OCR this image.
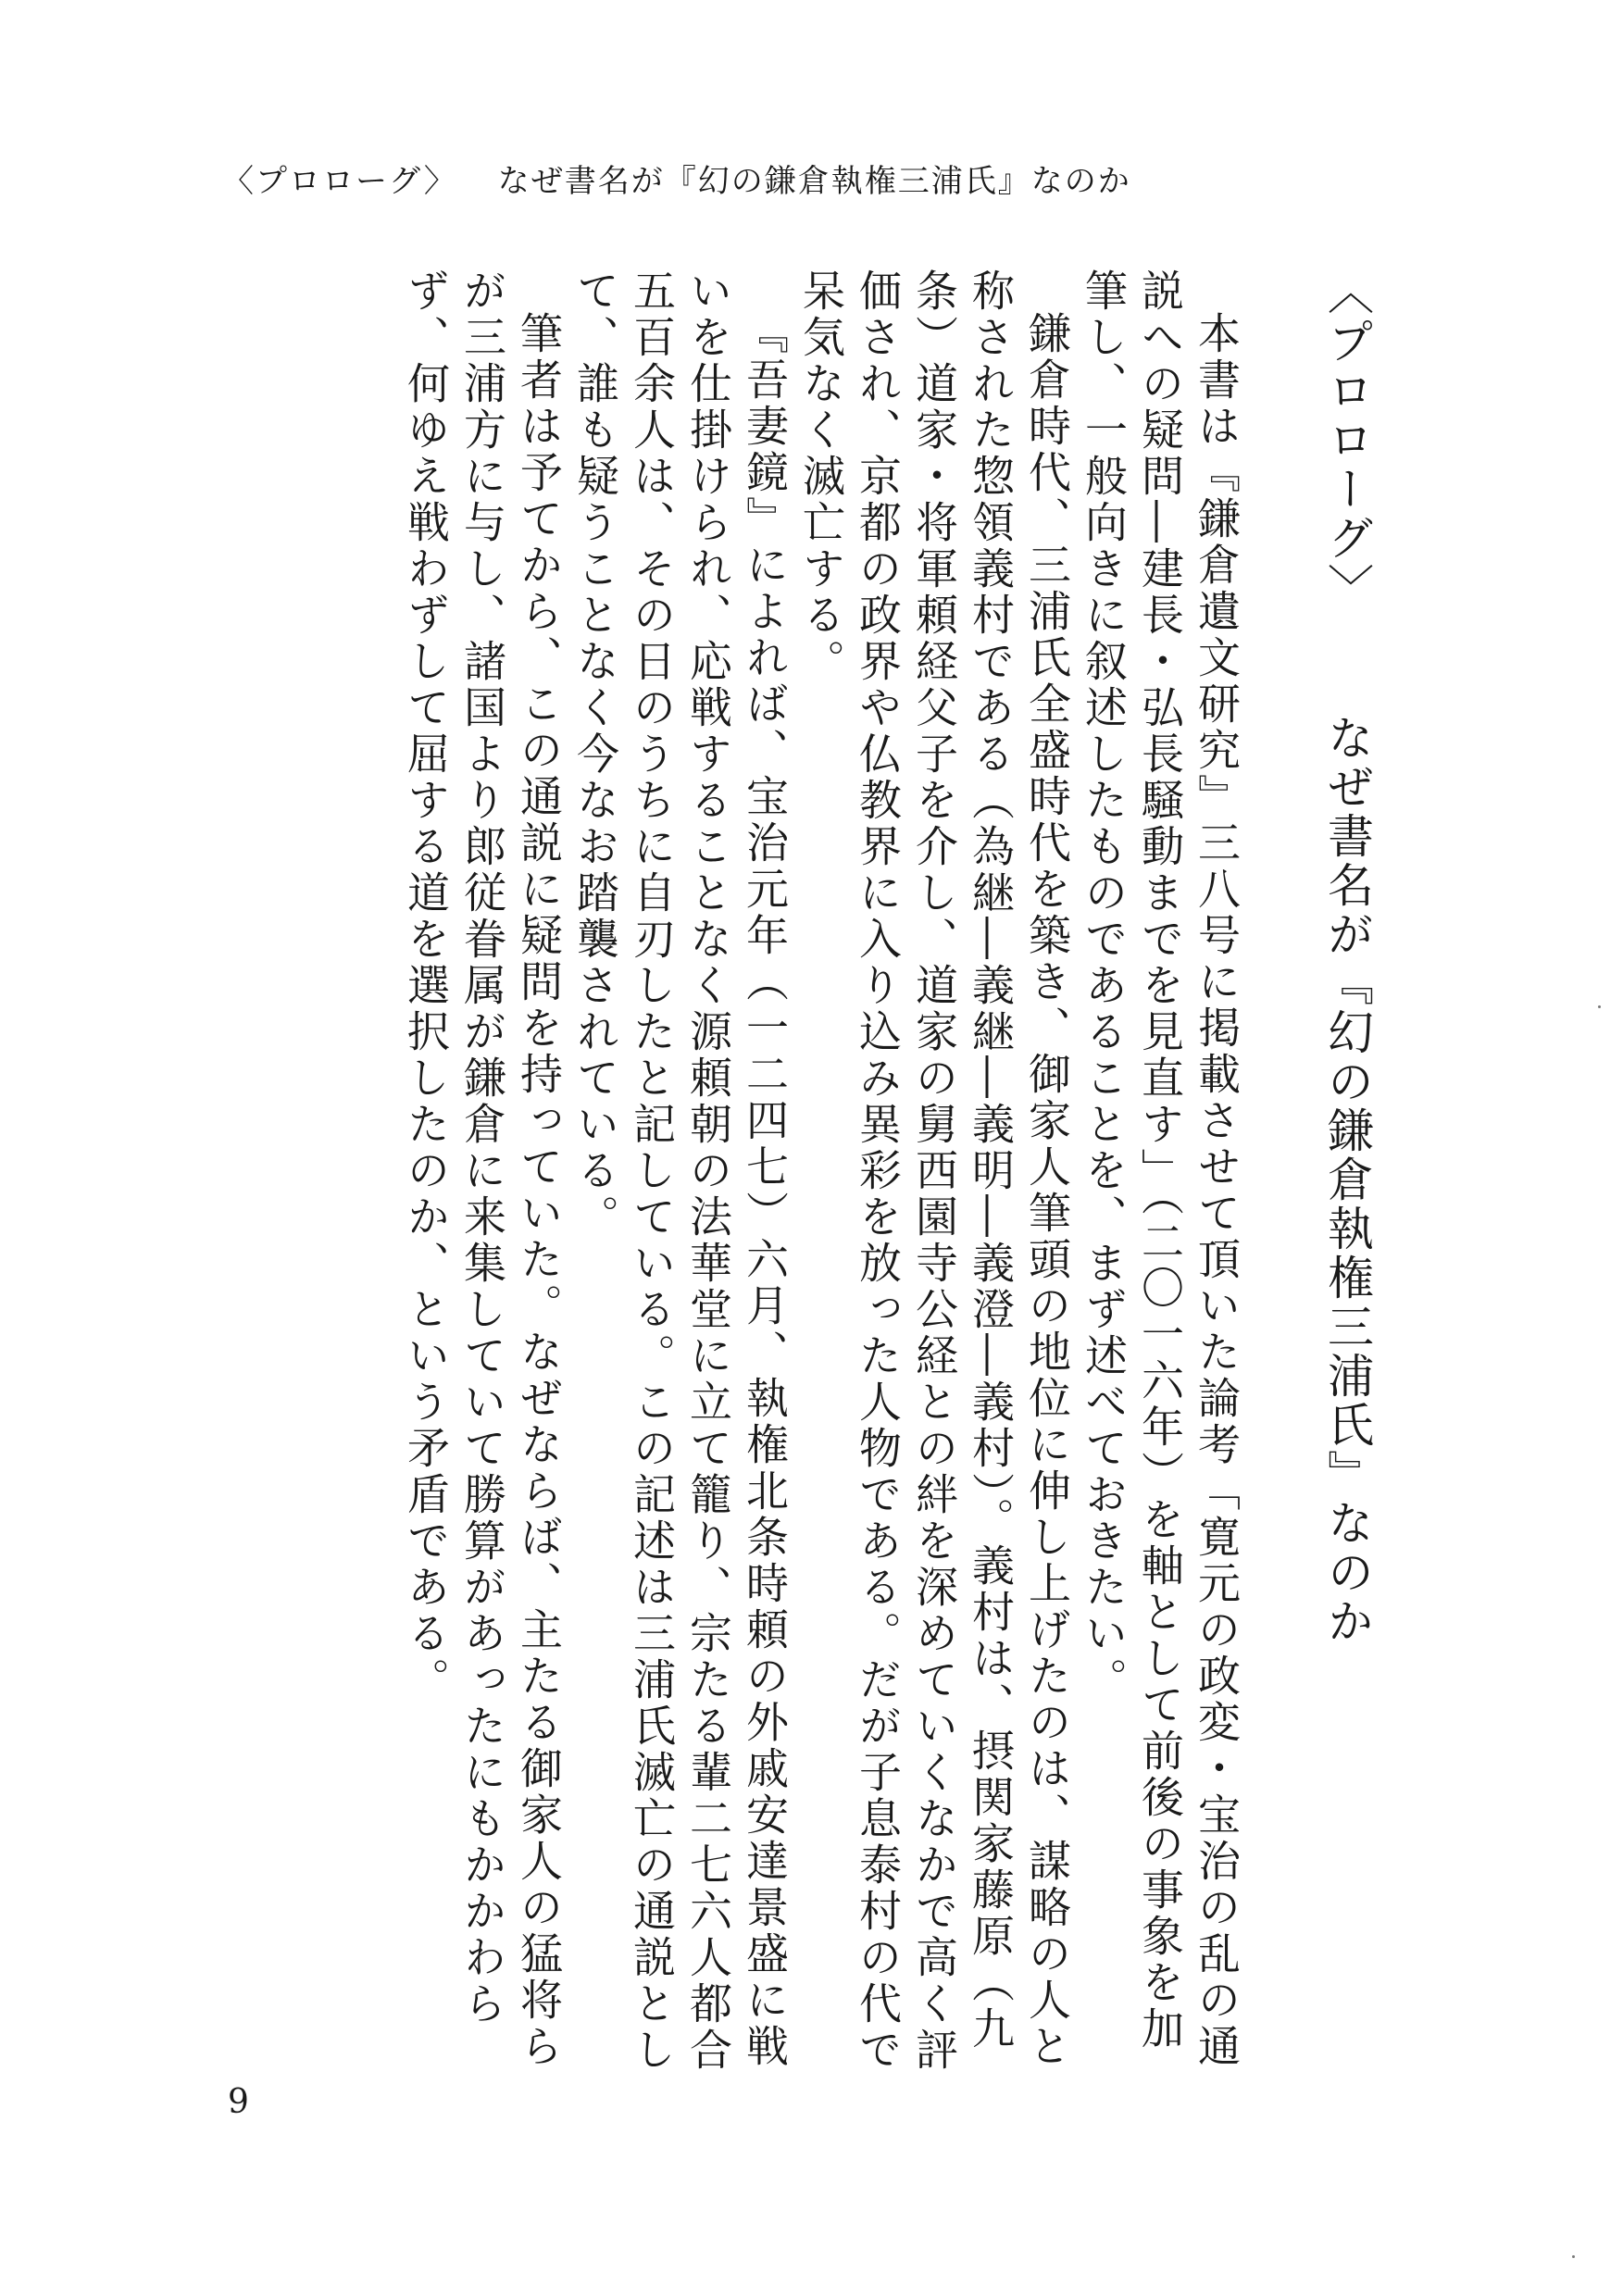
〈プロローグ〉 なぜ書名が『幻の鎌倉執権三浦氏』なのか
〈プロローグ〉なぜ書名が『幻の鎌倉執権三浦氏』なのか

本書は『鎌倉遺文研究』三八号に掲載させて頂いた論考「寛元の政変・宝治の乱の通説への疑問―建長・弘長騒動までを見直す」（二〇一六年）を軸として前後の事象を加筆し、一般向きに叙述したものであることを、まず述べておきたい。

鎌倉時代、三浦氏全盛時代を築き、御家人筆頭の地位に伸し上げたのは、謀略の人と称された惣領義村である（為継―義継―義明―義澄―義村）。義村は、摂関家藤原（九条）道家・将軍頼経父子を介し、道家の舅西園寺公経との絆を深めていくなかで高く評価され、京都の政界や仏教界に入り込み異彩を放った人物である。だが子息泰村の代で呆気なく滅亡する。

『吾妻鏡』によれば、宝治元年（一二四七）六月、執権北条時頼の外戚安達景盛に戦いを仕掛けられ、応戦することなく源頼朝の法華堂に立て籠り、宗たる輩二七六人都合五百余人は、その日のうちに自刃したと記している。この記述は三浦氏滅亡の通説として、誰も疑うことなく今なお踏襲されている。

筆者は予てから、この通説に疑問を持っていた。なぜならば、主たる御家人の猛将らが三浦方に与し、諸国より郎従眷属が鎌倉に来集していて勝算があったにもかかわらず、何ゆえ戦わずして屈する道を選択したのか、という矛盾である。

9
